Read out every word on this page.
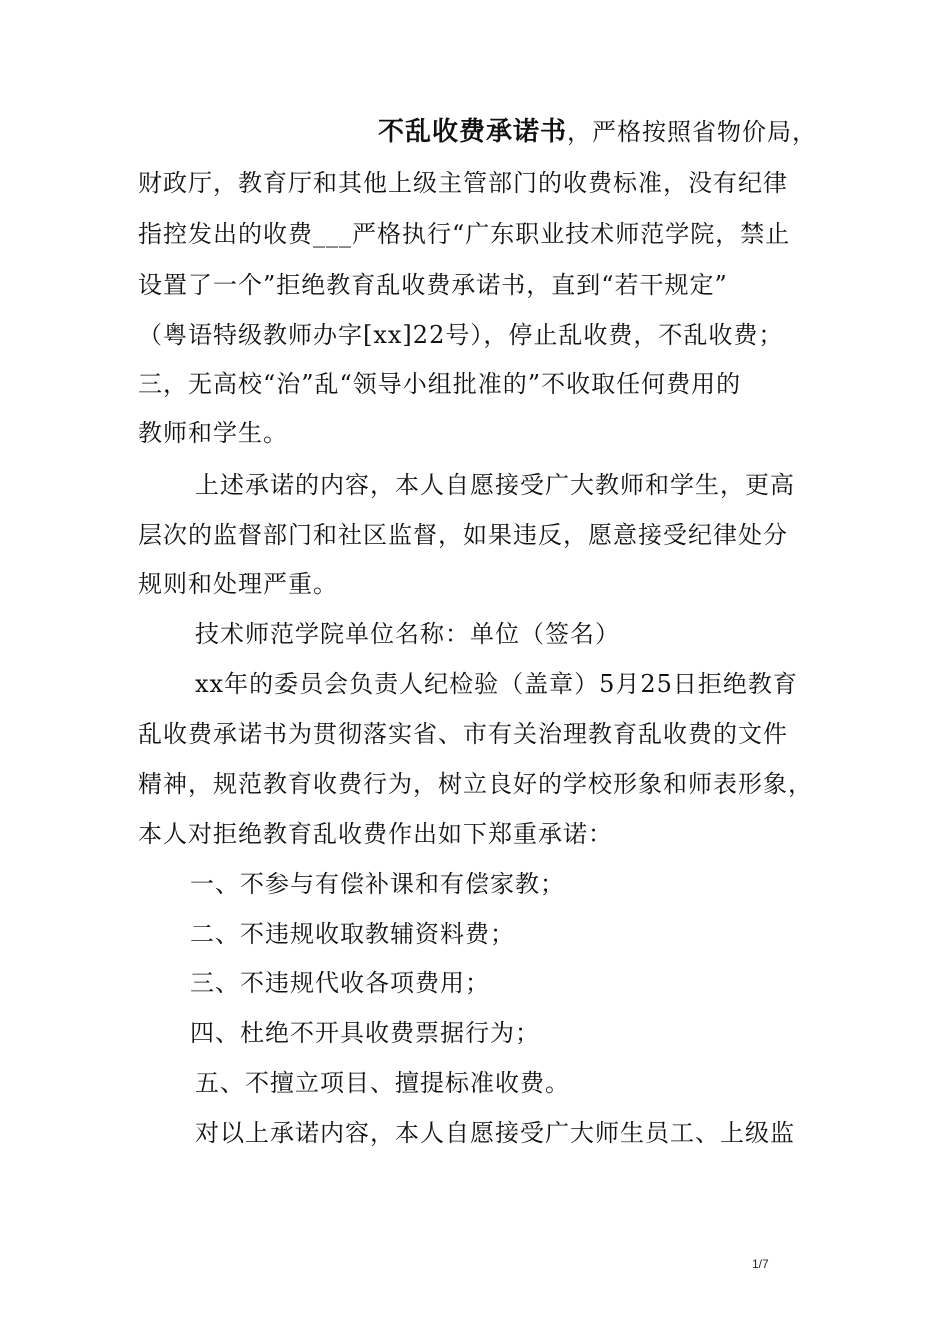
不乱收费承诺书，严格按照省物价局，
财政厅，教育厅和其他上级主管部门的收费标准，没有纪律
指控发出的收费___严格执行“广东职业技术师范学院，禁止
设置了一个”拒绝教育乱收费承诺书，直到“若干规定”
（粤语特级教师办字[xx]22号），停止乱收费，不乱收费；
三，无高校“治”乱“领导小组批准的”不收取任何费用的
教师和学生。
上述承诺的内容，本人自愿接受广大教师和学生，更高
层次的监督部门和社区监督，如果违反，愿意接受纪律处分
规则和处理严重。
技术师范学院单位名称：单位（签名）
xx年的委员会负责人纪检验（盖章）5月25日拒绝教育
乱收费承诺书为贯彻落实省、市有关治理教育乱收费的文件
精神，规范教育收费行为，树立良好的学校形象和师表形象，
本人对拒绝教育乱收费作出如下郑重承诺：
一、不参与有偿补课和有偿家教；
二、不违规收取教辅资料费；
三、不违规代收各项费用；
四、杜绝不开具收费票据行为；
五、不擅立项目、擅提标准收费。
对以上承诺内容，本人自愿接受广大师生员工、上级监
1/7
